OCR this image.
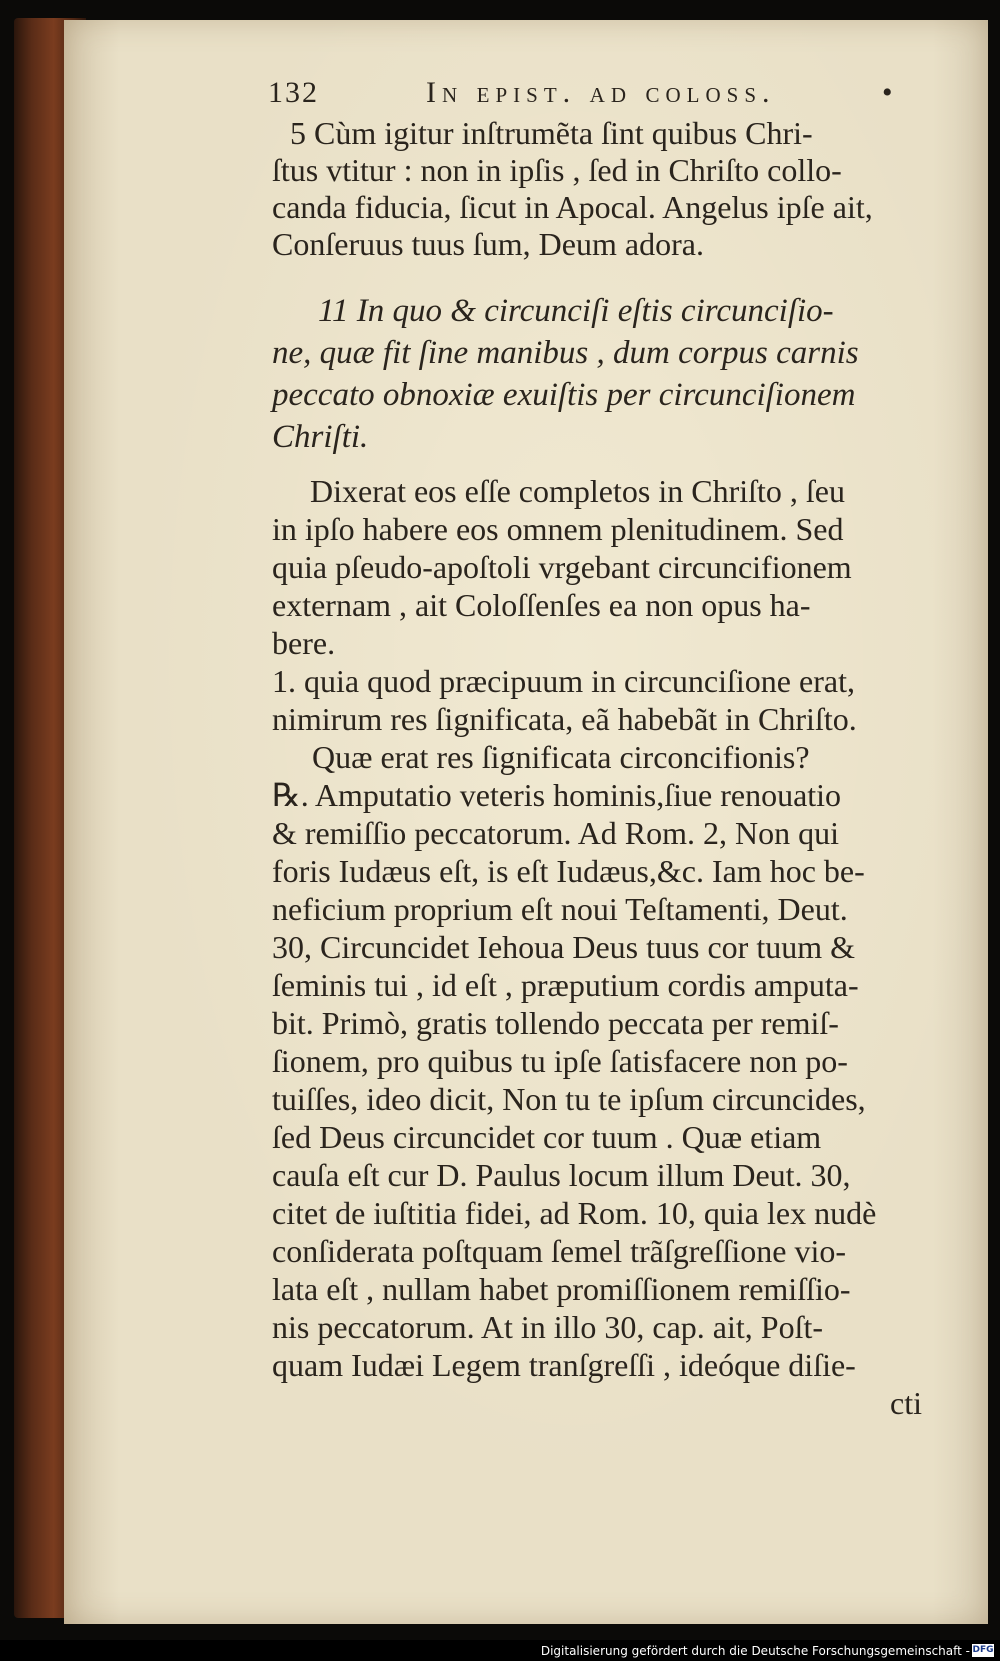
132	In epist. ad coloss.	•
5 Cùm igitur inſtrumẽta ſint quibus Chri-
ſtus vtitur : non in ipſis , ſed in Chriſto collo-
canda fiducia, ſicut in Apocal. Angelus ipſe ait,
Conſeruus tuus ſum, Deum adora.
11 In quo & circunciſi eſtis circunciſio-
ne, quæ fit ſine manibus , dum corpus carnis
peccato obnoxiæ exuiſtis per circunciſionem
Chriſti.
Dixerat eos eſſe completos in Chriſto , ſeu
in ipſo habere eos omnem plenitudinem. Sed
quia pſeudo-apoſtoli vrgebant circuncifionem
externam , ait Coloſſenſes ea non opus ha-
bere.
1. quia quod præcipuum in circunciſione erat,
nimirum res ſignificata, eã habebãt in Chriſto.
Quæ erat res ſignificata circoncifionis?
℞. Amputatio veteris hominis,ſiue renouatio
& remiſſio peccatorum. Ad Rom. 2, Non qui
foris Iudæus eſt, is eſt Iudæus,&c. Iam hoc be-
neficium proprium eſt noui Teſtamenti, Deut.
30, Circuncidet Iehoua Deus tuus cor tuum &
ſeminis tui , id eſt , præputium cordis amputa-
bit. Primò, gratis tollendo peccata per remiſ-
ſionem, pro quibus tu ipſe ſatisfacere non po-
tuiſſes, ideo dicit, Non tu te ipſum circuncides,
ſed Deus circuncidet cor tuum . Quæ etiam
cauſa eſt cur D. Paulus locum illum Deut. 30,
citet de iuſtitia fidei, ad Rom. 10, quia lex nudè
conſiderata poſtquam ſemel trãſgreſſione vio-
lata eſt , nullam habet promiſſionem remiſſio-
nis peccatorum. At in illo 30, cap. ait, Poſt-
quam Iudæi Legem tranſgreſſi , ideóque diſie-
cti
Digitalisierung gefördert durch die Deutsche Forschungsgemeinschaft - DFG
